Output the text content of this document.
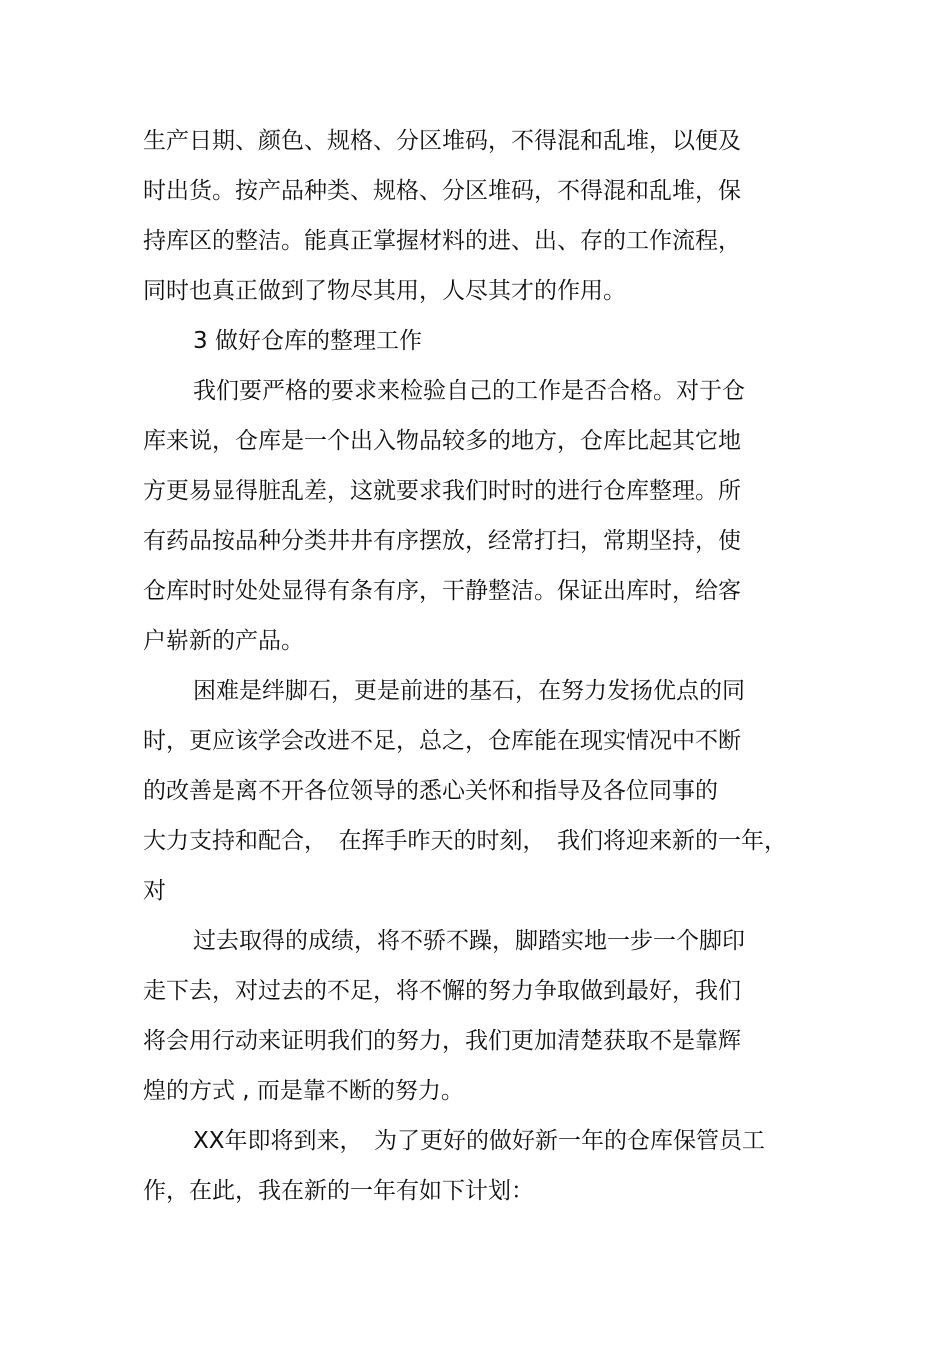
生产日期、颜色、规格、分区堆码，不得混和乱堆，以便及
时出货。按产品种类、规格、分区堆码，不得混和乱堆，保
持库区的整洁。能真正掌握材料的进、出、存的工作流程，
同时也真正做到了物尽其用，人尽其才的作用。
3 做好仓库的整理工作
我们要严格的要求来检验自己的工作是否合格。对于仓
库来说，仓库是一个出入物品较多的地方，仓库比起其它地
方更易显得脏乱差，这就要求我们时时的进行仓库整理。所
有药品按品种分类井井有序摆放，经常打扫，常期坚持，使
仓库时时处处显得有条有序，干静整洁。保证出库时，给客
户崭新的产品。
困难是绊脚石，更是前进的基石，在努力发扬优点的同
时，更应该学会改进不足，总之，仓库能在现实情况中不断
的改善是离不开各位领导的悉心关怀和指导及各位同事的
大力支持和配合，　在挥手昨天的时刻，　我们将迎来新的一年，
对
过去取得的成绩，将不骄不躁，脚踏实地一步一个脚印
走下去，对过去的不足，将不懈的努力争取做到最好，我们
将会用行动来证明我们的努力，我们更加清楚获取不是靠辉
煌的方式 , 而是靠不断的努力。
XX年即将到来，　为了更好的做好新一年的仓库保管员工
作，在此，我在新的一年有如下计划：
